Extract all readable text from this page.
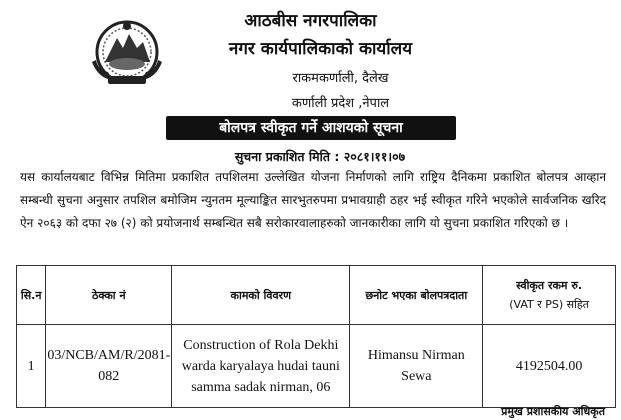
आठबीस नगरपालिका
नगर कार्यपालिकाको कार्यालय
राकमकर्णाली, दैलेख
कर्णाली प्रदेश ,नेपाल
बोलपत्र स्वीकृत गर्ने आशयको सूचना
सुचना प्रकाशित मिति : २०८१।११।०७

यस कार्यालयबाट विभिन्न मितिमा प्रकाशित तपशिलमा उल्लेखित योजना निर्माणको लागि राष्ट्रिय दैनिकमा प्रकाशित बोलपत्र आव्हान सम्बन्धी सुचना अनुसार तपशिल बमोजिम न्युनतम मूल्याङ्कित सारभुतरुपमा प्रभावग्राही ठहर भई स्वीकृत गरिने भएकोले सार्वजनिक खरिद ऐन २०६३ को दफा २७ (२) को प्रयोजनार्थ सम्बन्धित सबै सरोकारवालाहरुको जानकारीका लागि यो सुचना प्रकाशित गरिएको छ ।

सि.न	ठेक्का नं	कामको विवरण	छनोट भएका बोलपत्रदाता	स्वीकृत रकम रु.
(VAT र PS) सहित

1	03/NCB/AM/R/2081-082	Construction of Rola Dekhi warda karyalaya hudai tauni samma sadak nirman, 06	Himansu Nirman Sewa	4192504.00
प्रमुख प्रशासकीय अधिकृत
